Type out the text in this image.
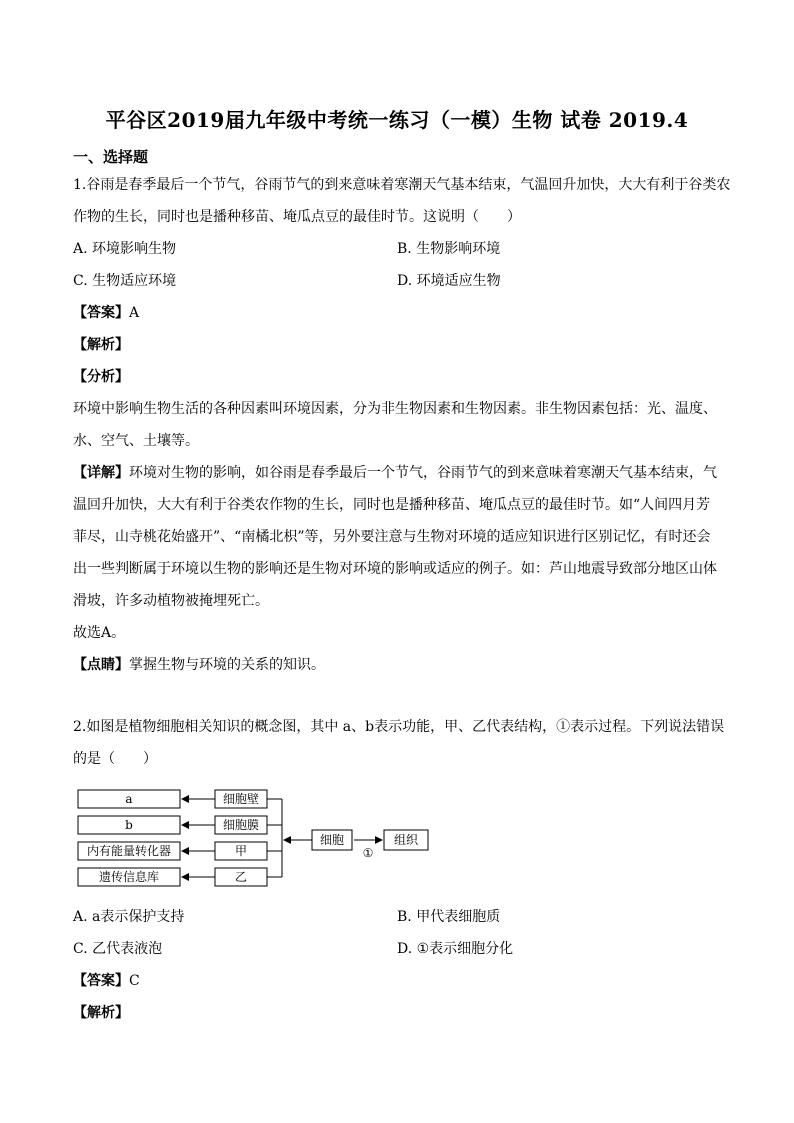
平谷区2019届九年级中考统一练习（一模）生物 试卷 2019.4
一、选择题
1.谷雨是春季最后一个节气，谷雨节气的到来意味着寒潮天气基本结束，气温回升加快，大大有利于谷类农
作物的生长，同时也是播种移苗、埯瓜点豆的最佳时节。这说明（　　）
A. 环境影响生物	B. 生物影响环境
C. 生物适应环境	D. 环境适应生物
【答案】A
【解析】
【分析】
环境中影响生物生活的各种因素叫环境因素，分为非生物因素和生物因素。非生物因素包括：光、温度、
水、空气、土壤等。
【详解】环境对生物的影响，如谷雨是春季最后一个节气，谷雨节气的到来意味着寒潮天气基本结束，气
温回升加快，大大有利于谷类农作物的生长，同时也是播种移苗、埯瓜点豆的最佳时节。如“人间四月芳
菲尽，山寺桃花始盛开”、“南橘北枳”等，另外要注意与生物对环境的适应知识进行区别记忆，有时还会
出一些判断属于环境以生物的影响还是生物对环境的影响或适应的例子。如：芦山地震导致部分地区山体
滑坡，许多动植物被掩埋死亡。
故选A。
【点睛】掌握生物与环境的关系的知识。
2.如图是植物细胞相关知识的概念图，其中 a、b表示功能，甲、乙代表结构，①表示过程。下列说法错误
的是（　　）
a
b
内有能量转化器
遗传信息库
细胞壁
细胞膜
甲
乙
细胞
①
组织
A. a表示保护支持	B. 甲代表细胞质
C. 乙代表液泡	D. ①表示细胞分化
【答案】C
【解析】
